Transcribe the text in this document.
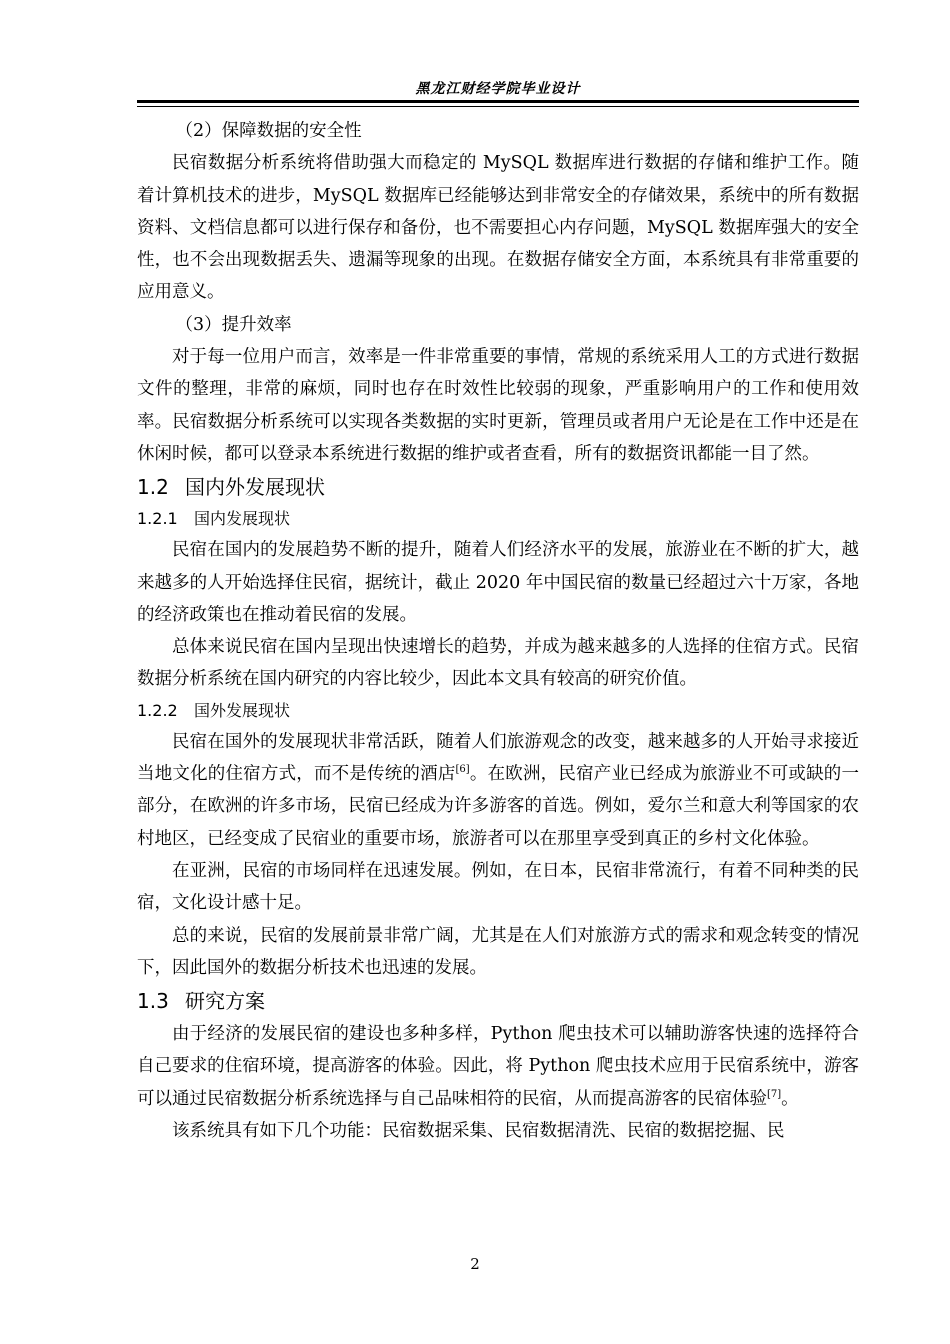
黑龙江财经学院毕业设计

（2）保障数据的安全性

民宿数据分析系统将借助强大而稳定的 MySQL 数据库进行数据的存储和维护工作。随着计算机技术的进步，MySQL 数据库已经能够达到非常安全的存储效果，系统中的所有数据资料、文档信息都可以进行保存和备份，也不需要担心内存问题，MySQL 数据库强大的安全性，也不会出现数据丢失、遗漏等现象的出现。在数据存储安全方面，本系统具有非常重要的应用意义。

（3）提升效率

对于每一位用户而言，效率是一件非常重要的事情，常规的系统采用人工的方式进行数据文件的整理，非常的麻烦，同时也存在时效性比较弱的现象，严重影响用户的工作和使用效率。民宿数据分析系统可以实现各类数据的实时更新，管理员或者用户无论是在工作中还是在休闲时候，都可以登录本系统进行数据的维护或者查看，所有的数据资讯都能一目了然。

1.2 国内外发展现状
1.2.1 国内发展现状

民宿在国内的发展趋势不断的提升，随着人们经济水平的发展，旅游业在不断的扩大，越来越多的人开始选择住民宿，据统计，截止 2020 年中国民宿的数量已经超过六十万家，各地的经济政策也在推动着民宿的发展。

总体来说民宿在国内呈现出快速增长的趋势，并成为越来越多的人选择的住宿方式。民宿数据分析系统在国内研究的内容比较少，因此本文具有较高的研究价值。

1.2.2 国外发展现状

民宿在国外的发展现状非常活跃，随着人们旅游观念的改变，越来越多的人开始寻求接近当地文化的住宿方式，而不是传统的酒店[6]。在欧洲，民宿产业已经成为旅游业不可或缺的一部分，在欧洲的许多市场，民宿已经成为许多游客的首选。例如，爱尔兰和意大利等国家的农村地区，已经变成了民宿业的重要市场，旅游者可以在那里享受到真正的乡村文化体验。

在亚洲，民宿的市场同样在迅速发展。例如，在日本，民宿非常流行，有着不同种类的民宿，文化设计感十足。

总的来说，民宿的发展前景非常广阔，尤其是在人们对旅游方式的需求和观念转变的情况下，因此国外的数据分析技术也迅速的发展。

1.3 研究方案

由于经济的发展民宿的建设也多种多样，Python 爬虫技术可以辅助游客快速的选择符合自己要求的住宿环境，提高游客的体验。因此，将 Python 爬虫技术应用于民宿系统中，游客可以通过民宿数据分析系统选择与自己品味相符的民宿，从而提高游客的民宿体验[7]。

该系统具有如下几个功能：民宿数据采集、民宿数据清洗、民宿的数据挖掘、民

2
